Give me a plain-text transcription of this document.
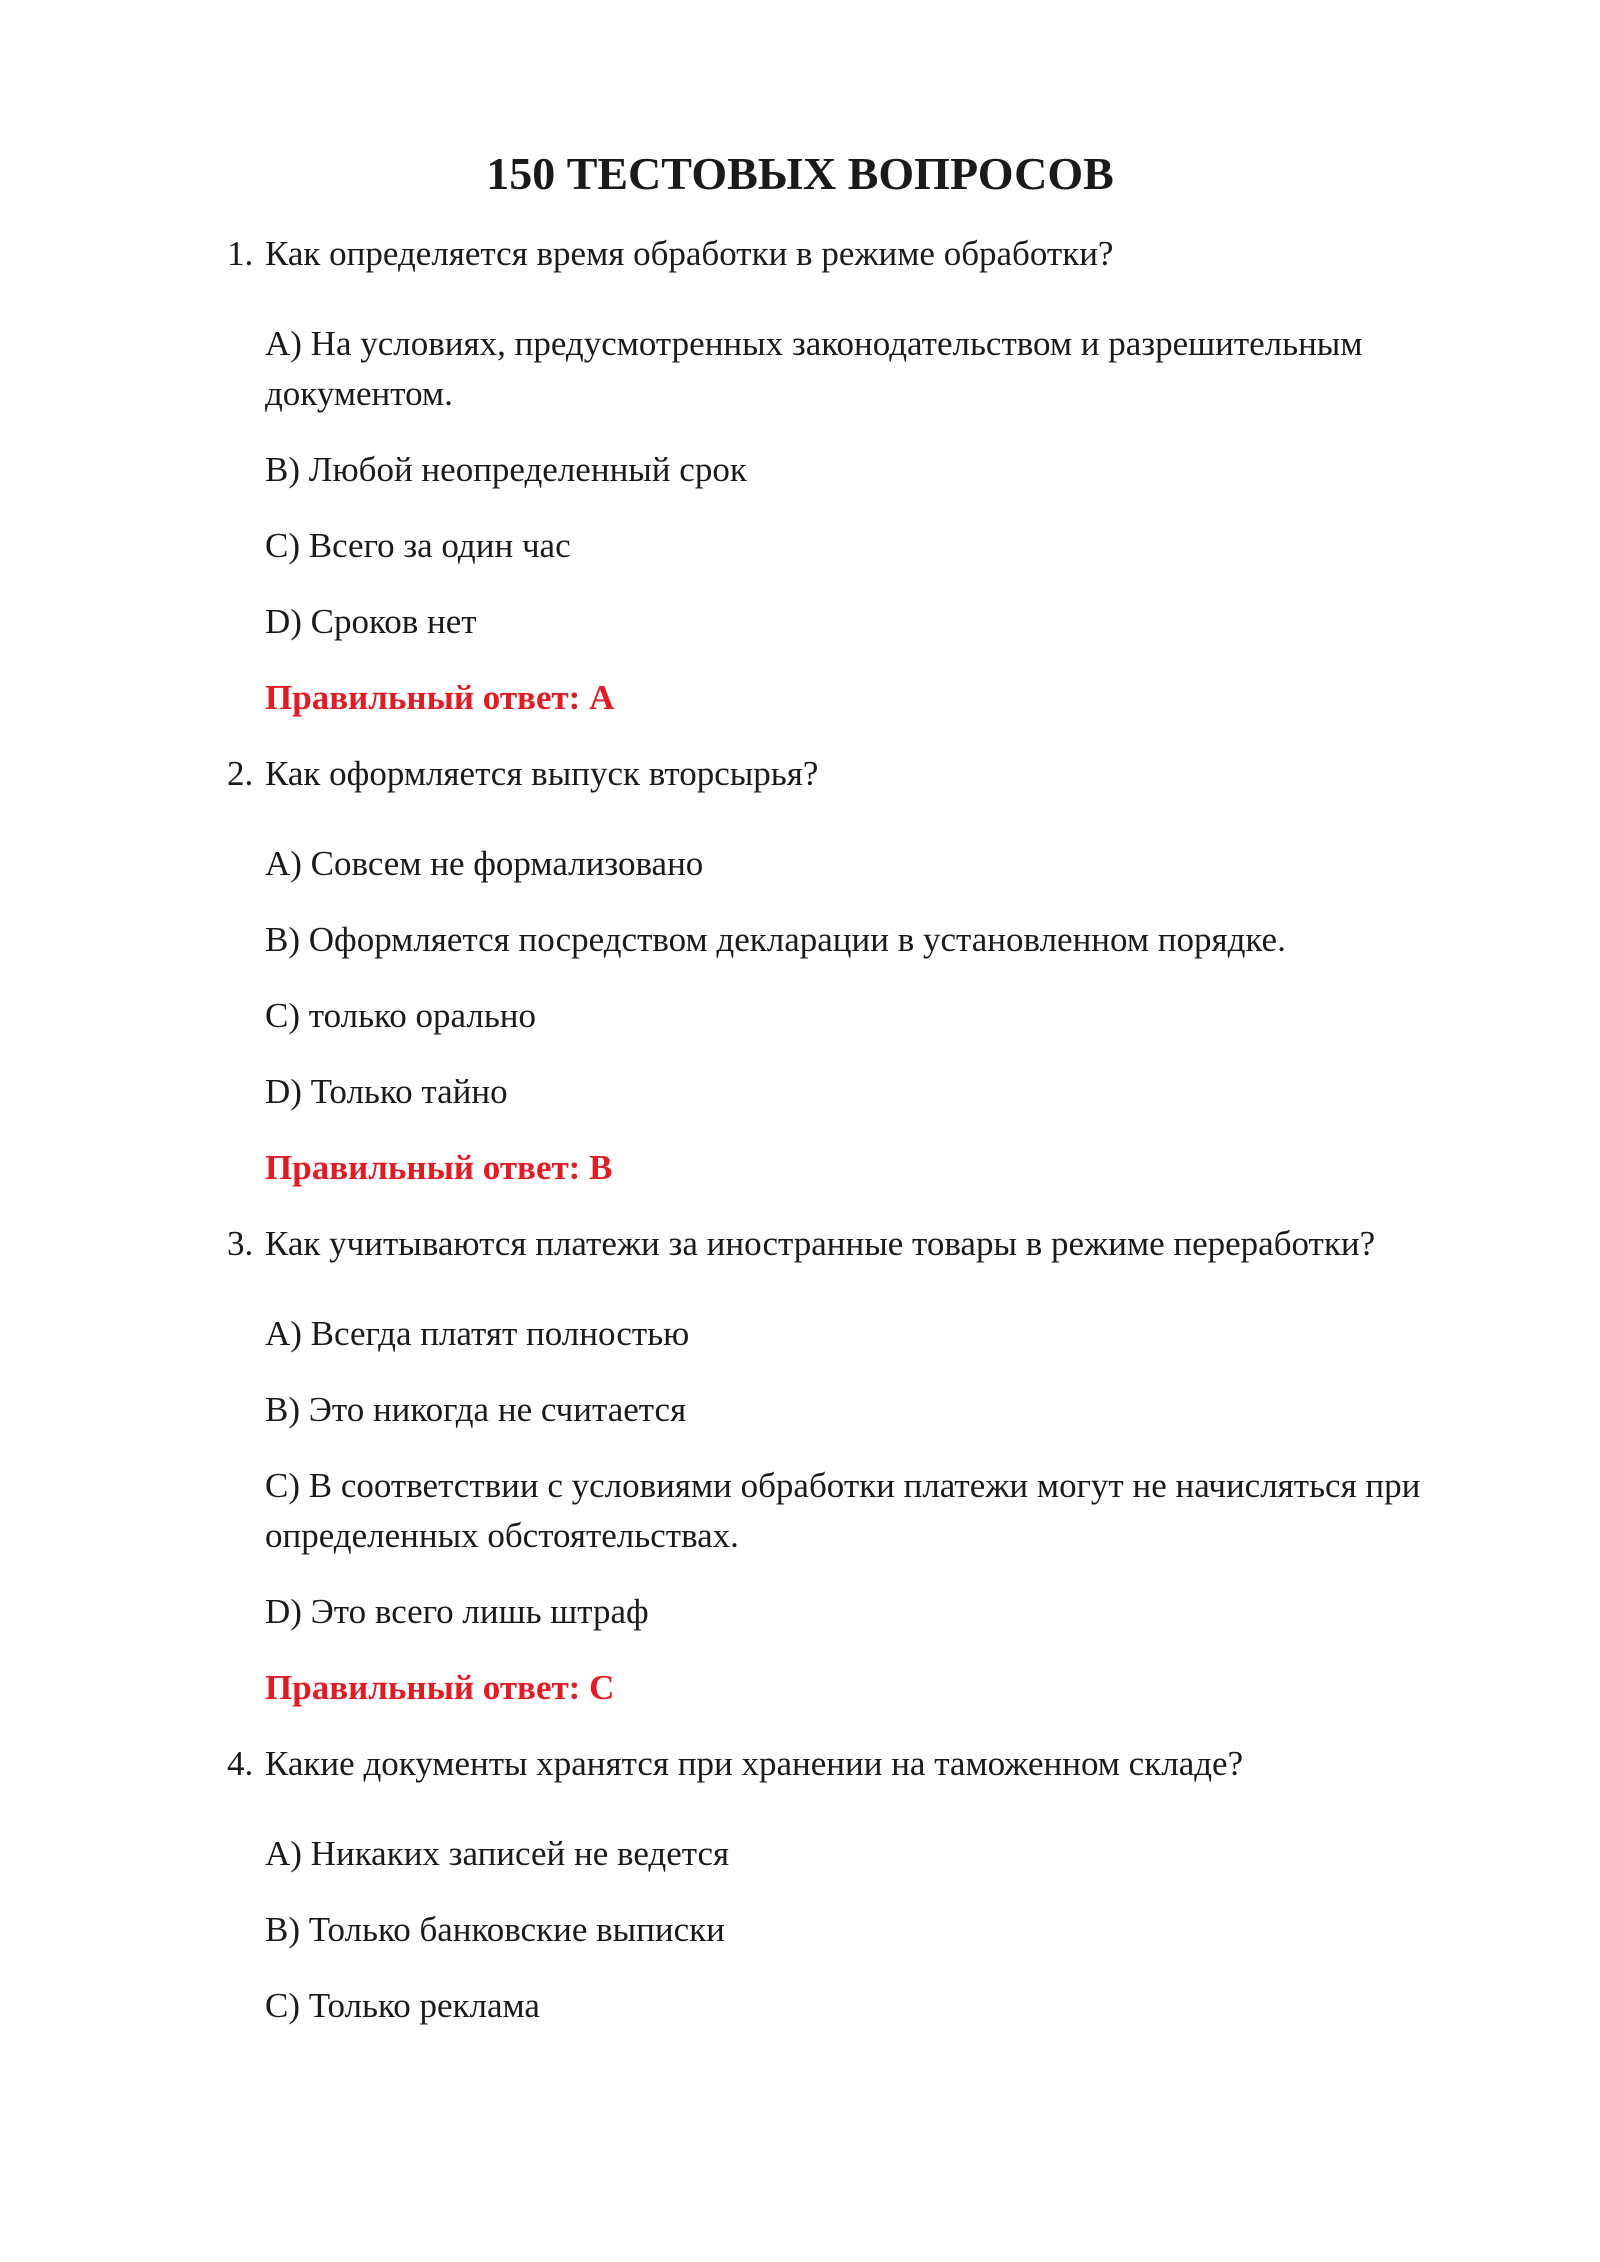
150 ТЕСТОВЫХ ВОПРОСОВ
1. Как определяется время обработки в режиме обработки?
A) На условиях, предусмотренных законодательством и разрешительным документом.
B) Любой неопределенный срок
C) Всего за один час
D) Сроков нет
Правильный ответ: A
2. Как оформляется выпуск вторсырья?
A) Совсем не формализовано
B) Оформляется посредством декларации в установленном порядке.
C) только орально
D) Только тайно
Правильный ответ: B
3. Как учитываются платежи за иностранные товары в режиме переработки?
A) Всегда платят полностью
B) Это никогда не считается
C) В соответствии с условиями обработки платежи могут не начисляться при определенных обстоятельствах.
D) Это всего лишь штраф
Правильный ответ: C
4. Какие документы хранятся при хранении на таможенном складе?
A) Никаких записей не ведется
B) Только банковские выписки
C) Только реклама
